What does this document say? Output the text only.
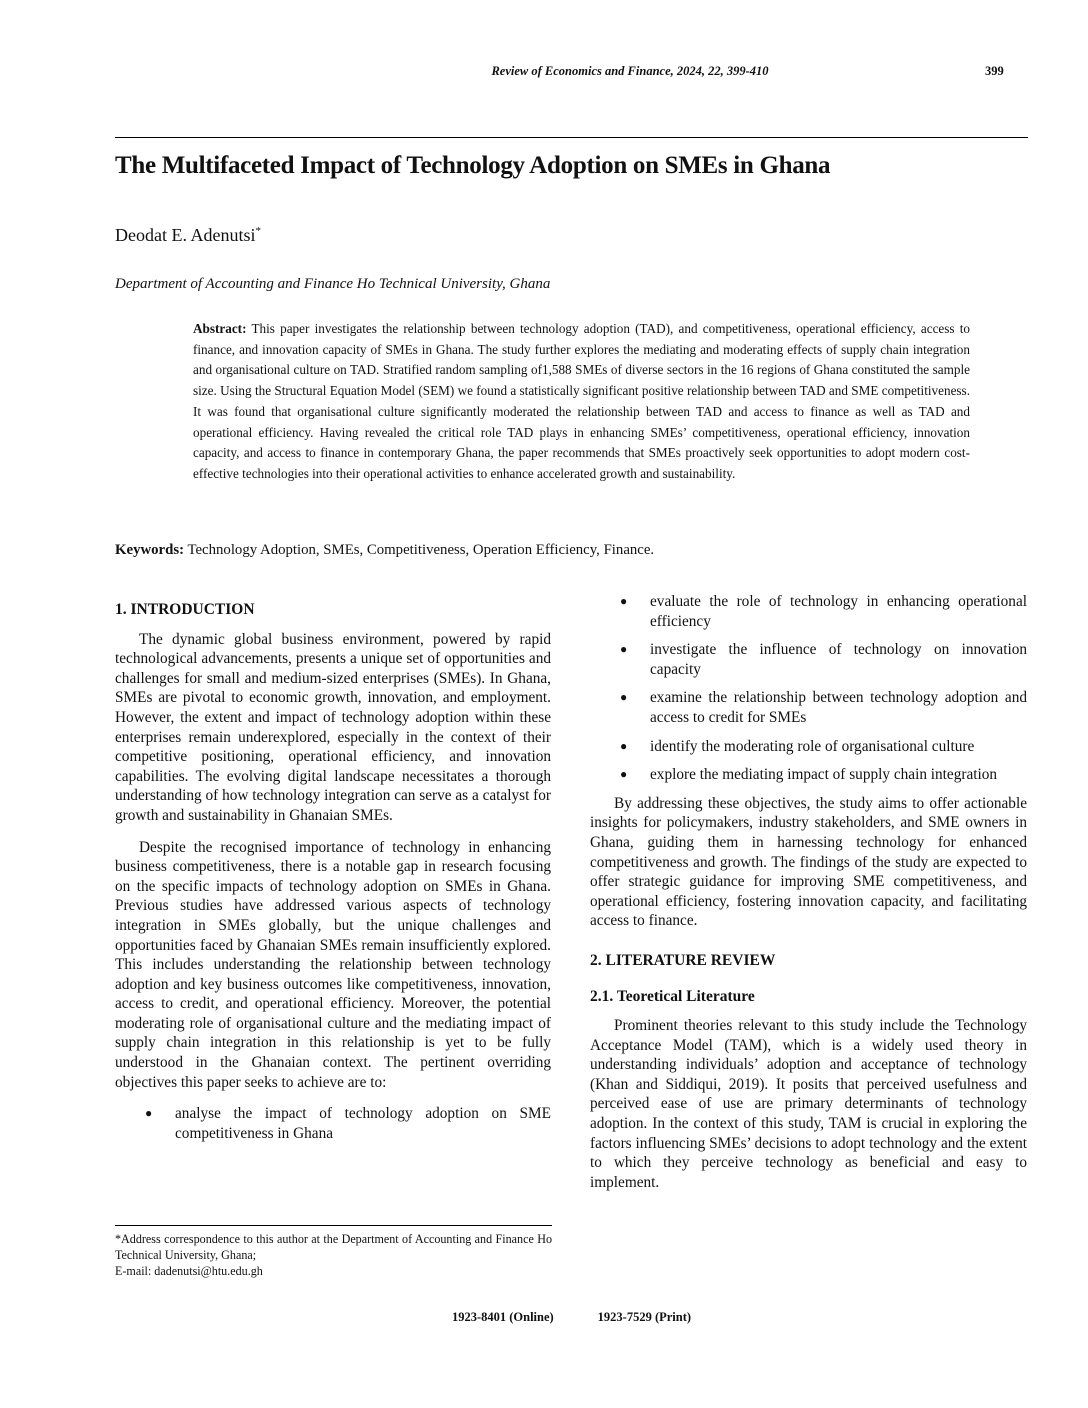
Review of Economics and Finance, 2024, 22, 399-410	399
The Multifaceted Impact of Technology Adoption on SMEs in Ghana
Deodat E. Adenutsi*
Department of Accounting and Finance Ho Technical University, Ghana
Abstract: This paper investigates the relationship between technology adoption (TAD), and competitiveness, operational efficiency, access to finance, and innovation capacity of SMEs in Ghana. The study further explores the mediating and moderating effects of supply chain integration and organisational culture on TAD. Stratified random sampling of1,588 SMEs of diverse sectors in the 16 regions of Ghana constituted the sample size. Using the Structural Equation Model (SEM) we found a statistically significant positive relationship between TAD and SME competitiveness. It was found that organisational culture significantly moderated the relationship between TAD and access to finance as well as TAD and operational efficiency. Having revealed the critical role TAD plays in enhancing SMEs’ competitiveness, operational efficiency, innovation capacity, and access to finance in contemporary Ghana, the paper recommends that SMEs proactively seek opportunities to adopt modern cost-effective technologies into their operational activities to enhance accelerated growth and sustainability.
Keywords: Technology Adoption, SMEs, Competitiveness, Operation Efficiency, Finance.
1. INTRODUCTION

The dynamic global business environment, powered by rapid technological advancements, presents a unique set of opportunities and challenges for small and medium-sized enterprises (SMEs). In Ghana, SMEs are pivotal to economic growth, innovation, and employment. However, the extent and impact of technology adoption within these enterprises remain underexplored, especially in the context of their competitive positioning, operational efficiency, and innovation capabilities. The evolving digital landscape necessitates a thorough understanding of how technology integration can serve as a catalyst for growth and sustainability in Ghanaian SMEs.

Despite the recognised importance of technology in enhancing business competitiveness, there is a notable gap in research focusing on the specific impacts of technology adoption on SMEs in Ghana. Previous studies have addressed various aspects of technology integration in SMEs globally, but the unique challenges and opportunities faced by Ghanaian SMEs remain insufficiently explored. This includes understanding the relationship between technology adoption and key business outcomes like competitiveness, innovation, access to credit, and operational efficiency. Moreover, the potential moderating role of organisational culture and the mediating impact of supply chain integration in this relationship is yet to be fully understood in the Ghanaian context. The pertinent overriding objectives this paper seeks to achieve are to:

● analyse the impact of technology adoption on SME competitiveness in Ghana
● evaluate the role of technology in enhancing operational efficiency
● investigate the influence of technology on innovation capacity
● examine the relationship between technology adoption and access to credit for SMEs
● identify the moderating role of organisational culture
● explore the mediating impact of supply chain integration

By addressing these objectives, the study aims to offer actionable insights for policymakers, industry stakeholders, and SME owners in Ghana, guiding them in harnessing technology for enhanced competitiveness and growth. The findings of the study are expected to offer strategic guidance for improving SME competitiveness, and operational efficiency, fostering innovation capacity, and facilitating access to finance.

2. LITERATURE REVIEW
2.1. Teoretical Literature

Prominent theories relevant to this study include the Technology Acceptance Model (TAM), which is a widely used theory in understanding individuals’ adoption and acceptance of technology (Khan and Siddiqui, 2019). It posits that perceived usefulness and perceived ease of use are primary determinants of technology adoption. In the context of this study, TAM is crucial in exploring the factors influencing SMEs’ decisions to adopt technology and the extent to which they perceive technology as beneficial and easy to implement.

*Address correspondence to this author at the Department of Accounting and Finance Ho Technical University, Ghana;
E-mail: dadenutsi@htu.edu.gh
1923-8401 (Online)	1923-7529 (Print)
